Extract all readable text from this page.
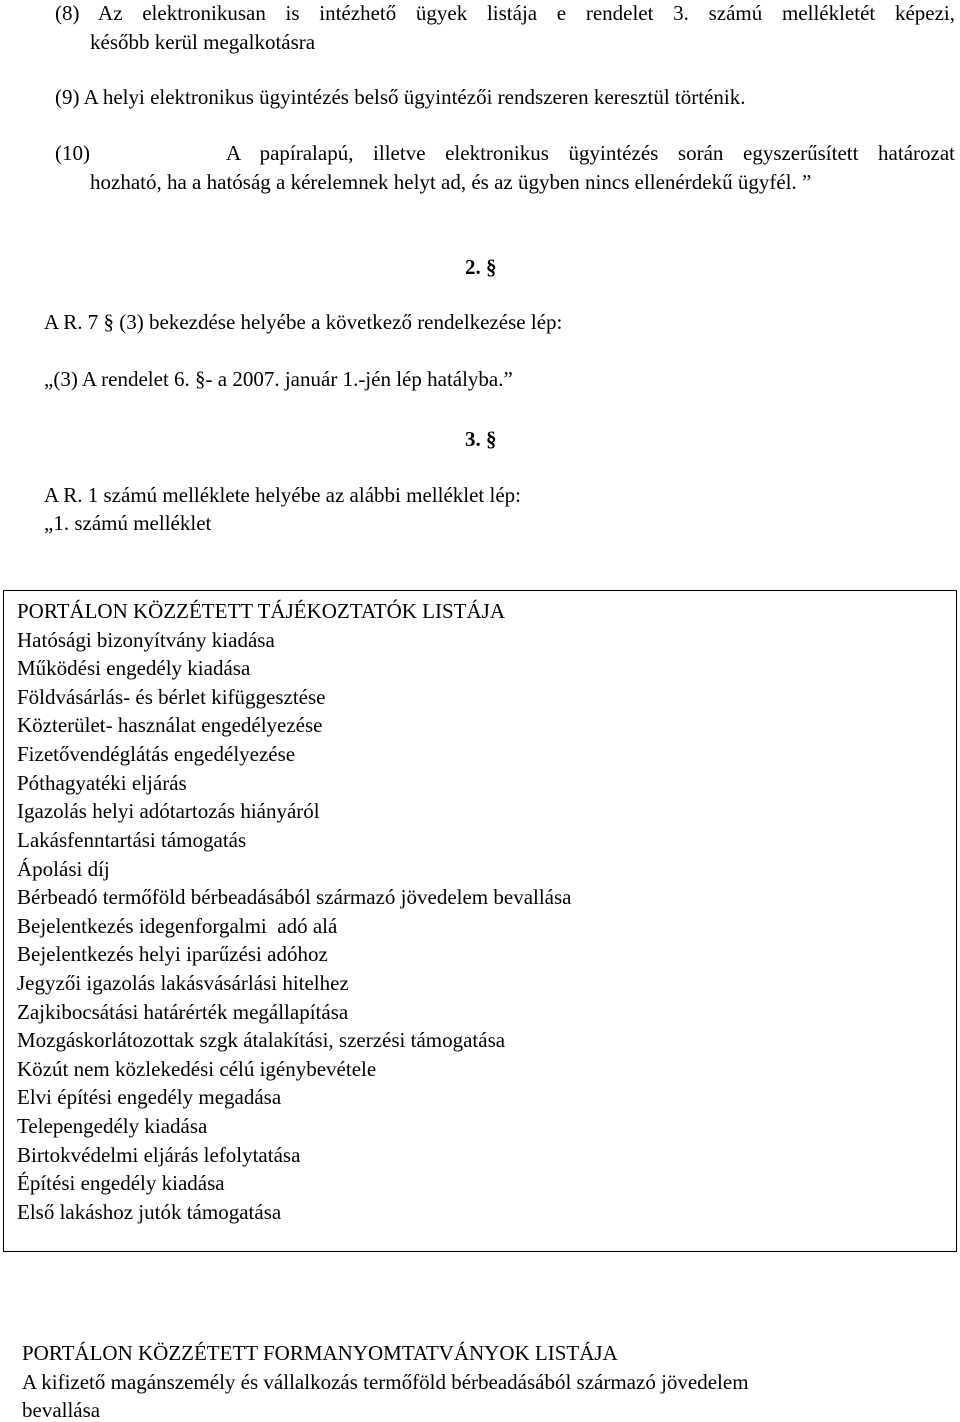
(8) Az elektronikusan is intézhető ügyek listája e rendelet 3. számú mellékletét képezi,
később kerül megalkotásra
(9) A helyi elektronikus ügyintézés belső ügyintézői rendszeren keresztül történik.
(10)       A papíralapú, illetve elektronikus ügyintézés során egyszerűsített határozat
hozható, ha a hatóság a kérelemnek helyt ad, és az ügyben nincs ellenérdekű ügyfél. ”
2. §
A R. 7 § (3) bekezdése helyébe a következő rendelkezése lép:
„(3) A rendelet 6. §- a 2007. január 1.-jén lép hatályba.”
3. §
A R. 1 számú melléklete helyébe az alábbi melléklet lép:
„1. számú melléklet
PORTÁLON KÖZZÉTETT TÁJÉKOZTATÓK LISTÁJA
Hatósági bizonyítvány kiadása
Működési engedély kiadása
Földvásárlás- és bérlet kifüggesztése
Közterület- használat engedélyezése
Fizetővendéglátás engedélyezése
Póthagyatéki eljárás
Igazolás helyi adótartozás hiányáról
Lakásfenntartási támogatás
Ápolási díj
Bérbeadó termőföld bérbeadásából származó jövedelem bevallása
Bejelentkezés idegenforgalmi  adó alá
Bejelentkezés helyi iparűzési adóhoz
Jegyzői igazolás lakásvásárlási hitelhez
Zajkibocsátási határérték megállapítása
Mozgáskorlátozottak szgk átalakítási, szerzési támogatása
Közút nem közlekedési célú igénybevétele
Elvi építési engedély megadása
Telepengedély kiadása
Birtokvédelmi eljárás lefolytatása
Építési engedély kiadása
Első lakáshoz jutók támogatása
PORTÁLON KÖZZÉTETT FORMANYOMTATVÁNYOK LISTÁJA
A kifizető magánszemély és vállalkozás termőföld bérbeadásából származó jövedelem
bevallása
